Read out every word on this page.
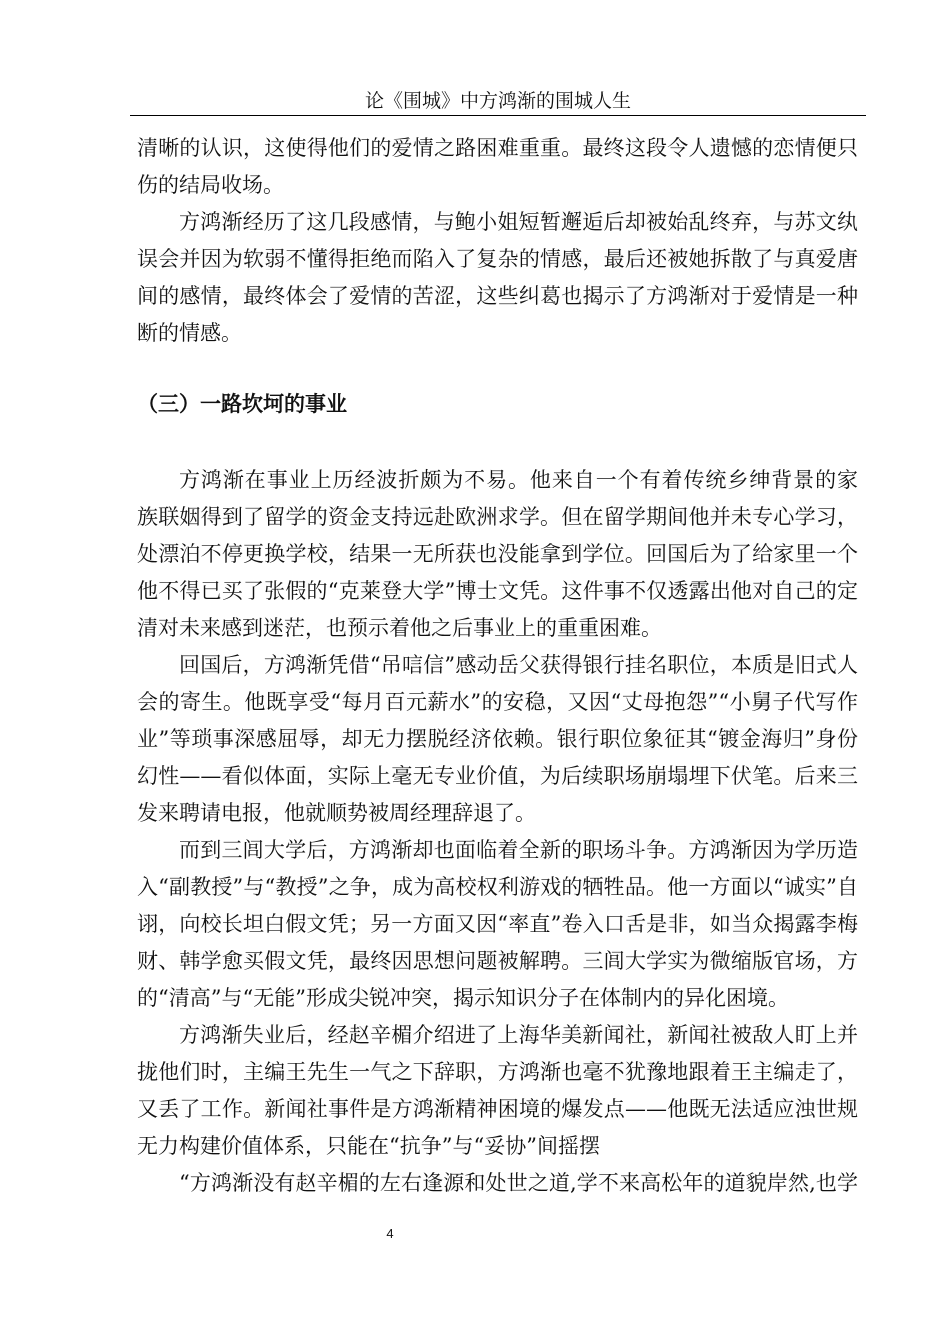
论《围城》中方鸿渐的围城人生
清晰的认识，这使得他们的爱情之路困难重重。最终这段令人遗憾的恋情便只
伤的结局收场。
方鸿渐经历了这几段感情，与鲍小姐短暂邂逅后却被始乱终弃，与苏文纨
误会并因为软弱不懂得拒绝而陷入了复杂的情感，最后还被她拆散了与真爱唐
间的感情，最终体会了爱情的苦涩，这些纠葛也揭示了方鸿渐对于爱情是一种
断的情感。
（三）一路坎坷的事业
方鸿渐在事业上历经波折颇为不易。他来自一个有着传统乡绅背景的家
族联姻得到了留学的资金支持远赴欧洲求学。但在留学期间他并未专心学习，
处漂泊不停更换学校，结果一无所获也没能拿到学位。回国后为了给家里一个
他不得已买了张假的“克莱登大学”博士文凭。这件事不仅透露出他对自己的定
清对未来感到迷茫，也预示着他之后事业上的重重困难。
回国后，方鸿渐凭借“吊唁信”感动岳父获得银行挂名职位，本质是旧式人
会的寄生。他既享受“每月百元薪水”的安稳，又因“丈母抱怨”“小舅子代写作
业”等琐事深感屈辱，却无力摆脱经济依赖。银行职位象征其“镀金海归”身份
幻性——看似体面，实际上毫无专业价值，为后续职场崩塌埋下伏笔。后来三
发来聘请电报，他就顺势被周经理辞退了。
而到三闾大学后，方鸿渐却也面临着全新的职场斗争。方鸿渐因为学历造
入“副教授”与“教授”之争，成为高校权利游戏的牺牲品。他一方面以“诚实”自
诩，向校长坦白假文凭；另一方面又因“率直”卷入口舌是非，如当众揭露李梅
财、韩学愈买假文凭，最终因思想问题被解聘。三闾大学实为微缩版官场，方
的“清高”与“无能”形成尖锐冲突，揭示知识分子在体制内的异化困境。
方鸿渐失业后，经赵辛楣介绍进了上海华美新闻社，新闻社被敌人盯上并
拢他们时，主编王先生一气之下辞职，方鸿渐也毫不犹豫地跟着王主编走了，
又丢了工作。新闻社事件是方鸿渐精神困境的爆发点——他既无法适应浊世规
无力构建价值体系，只能在“抗争”与“妥协”间摇摆
“方鸿渐没有赵辛楣的左右逢源和处世之道,学不来高松年的道貌岸然,也学
4
